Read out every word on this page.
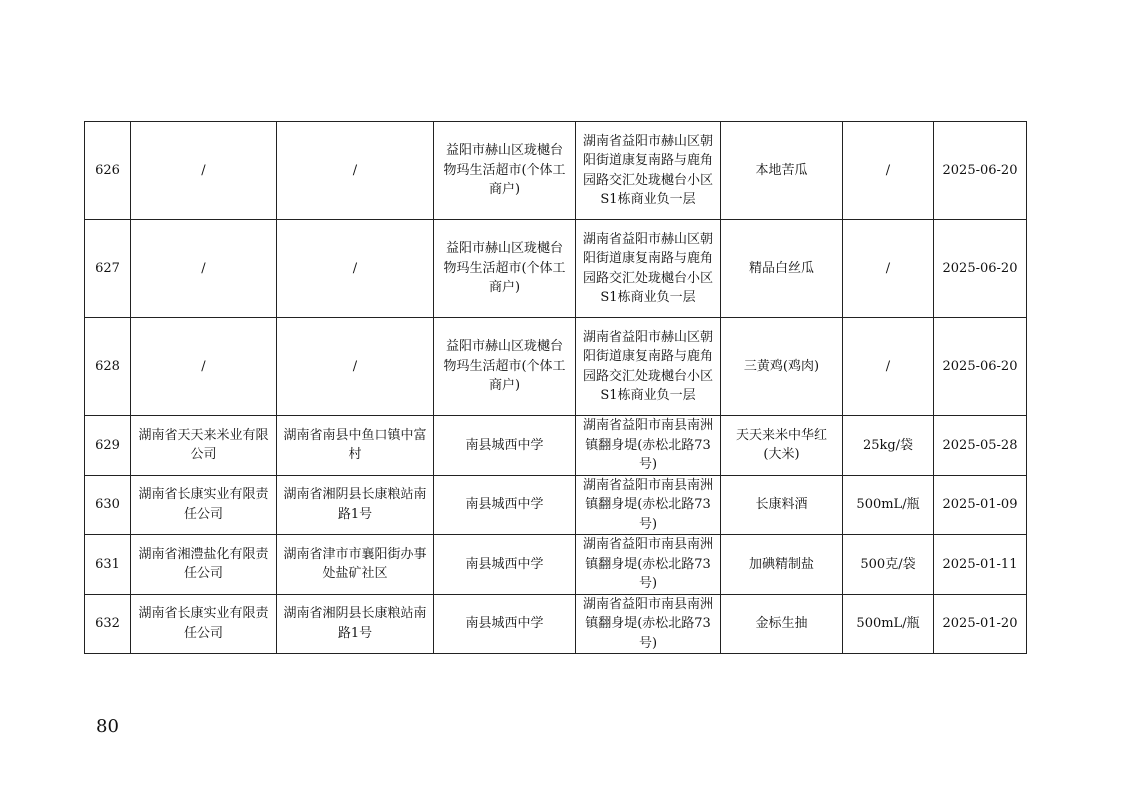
626	/	/	益阳市赫山区珑樾台物玛生活超市(个体工商户)	湖南省益阳市赫山区朝阳街道康复南路与鹿角园路交汇处珑樾台小区S1栋商业负一层	本地苦瓜	/	2025-06-20
627	/	/	益阳市赫山区珑樾台物玛生活超市(个体工商户)	湖南省益阳市赫山区朝阳街道康复南路与鹿角园路交汇处珑樾台小区S1栋商业负一层	精品白丝瓜	/	2025-06-20
628	/	/	益阳市赫山区珑樾台物玛生活超市(个体工商户)	湖南省益阳市赫山区朝阳街道康复南路与鹿角园路交汇处珑樾台小区S1栋商业负一层	三黄鸡(鸡肉)	/	2025-06-20
629	湖南省天天来米业有限公司	湖南省南县中鱼口镇中富村	南县城西中学	湖南省益阳市南县南洲镇翻身堤(赤松北路73号)	天天来米中华红(大米)	25kg/袋	2025-05-28
630	湖南省长康实业有限责任公司	湖南省湘阴县长康粮站南路1号	南县城西中学	湖南省益阳市南县南洲镇翻身堤(赤松北路73号)	长康料酒	500mL/瓶	2025-01-09
631	湖南省湘澧盐化有限责任公司	湖南省津市市襄阳街办事处盐矿社区	南县城西中学	湖南省益阳市南县南洲镇翻身堤(赤松北路73号)	加碘精制盐	500克/袋	2025-01-11
632	湖南省长康实业有限责任公司	湖南省湘阴县长康粮站南路1号	南县城西中学	湖南省益阳市南县南洲镇翻身堤(赤松北路73号)	金标生抽	500mL/瓶	2025-01-20
80
